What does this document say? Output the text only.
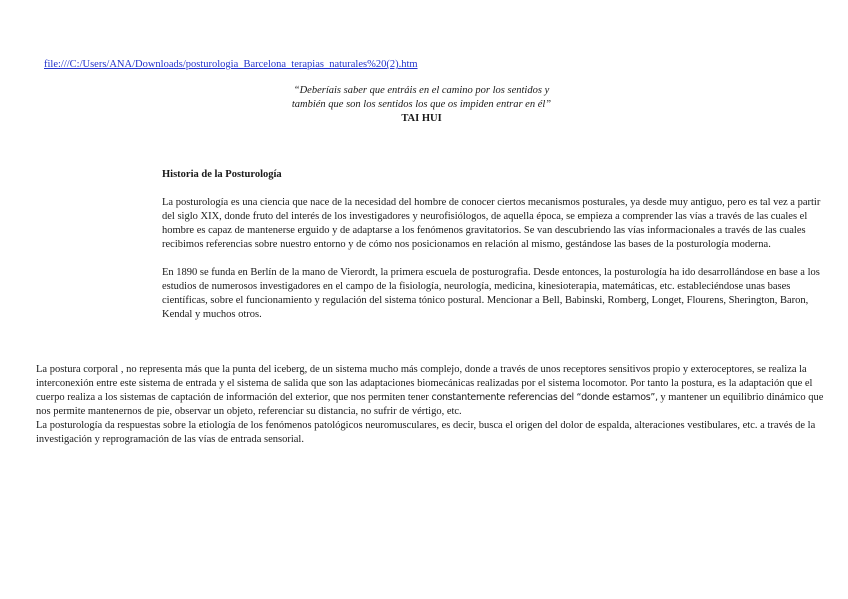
file:///C:/Users/ANA/Downloads/posturologia_Barcelona_terapias_naturales%20(2).htm
“Deberíais saber que entráis en el camino por los sentidos y
también que son los sentidos los que os impiden entrar en él”
TAI HUI
Historia de la Posturología

La posturología es una ciencia que nace de la necesidad del hombre de conocer ciertos mecanismos posturales, ya desde muy antiguo, pero es tal vez a partir del siglo XIX, donde fruto del interés de los investigadores y neurofisiólogos, de aquella época, se empieza a comprender las vías a través de las cuales el hombre es capaz de mantenerse erguido y de adaptarse a los fenómenos gravitatorios. Se van descubriendo las vías informacionales a través de las cuales recibimos referencias sobre nuestro entorno y de cómo nos posicionamos en relación al mismo, gestándose las bases de la posturología moderna.

En 1890 se funda en Berlín de la mano de Vierordt, la primera escuela de posturografia. Desde entonces, la posturología ha ido desarrollándose en base a los estudios de numerosos investigadores en el campo de la fisiología, neurología, medicina, kinesioterapia, matemáticas, etc. estableciéndose unas bases científicas, sobre el funcionamiento y regulación del sistema tónico postural. Mencionar a Bell, Babinski, Romberg, Longet, Flourens, Sherington, Baron, Kendal y muchos otros.

La postura corporal , no representa más que la punta del iceberg, de un sistema mucho más complejo, donde a través de unos receptores sensitivos propio y exteroceptores, se realiza la interconexión entre este sistema de entrada y el sistema de salida que son las adaptaciones biomecánicas realizadas por el sistema locomotor. Por tanto la postura, es la adaptación que el cuerpo realiza a los sistemas de captación de información del exterior, que nos permiten tener constantemente referencias del “donde estamos”, y mantener un equilibrio dinámico que nos permite mantenernos de pie, observar un objeto, referenciar su distancia, no sufrir de vértigo, etc.

La posturología da respuestas sobre la etiología de los fenómenos patológicos neuromusculares, es decir, busca el origen del dolor de espalda, alteraciones vestibulares, etc. a través de la investigación y reprogramación de las vías de entrada sensorial.
